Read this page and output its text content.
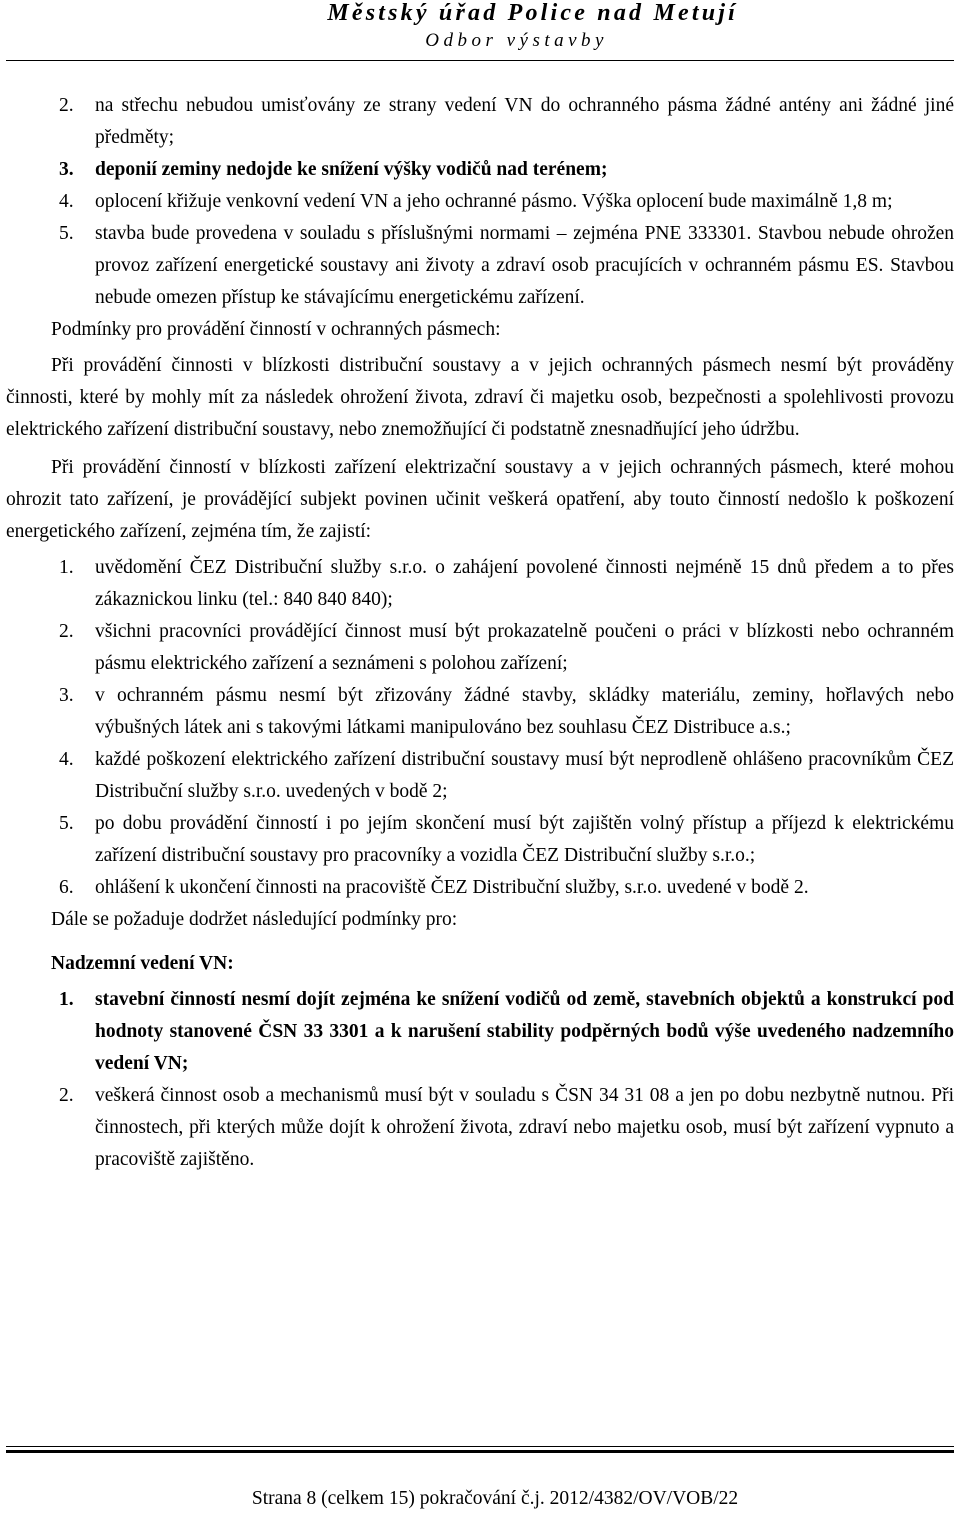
Městský úřad Police nad Metují
Odbor výstavby
2.	na střechu nebudou umisťovány ze strany vedení VN do ochranného pásma žádné antény ani žádné jiné předměty;
3.	deponií zeminy nedojde ke snížení výšky vodičů nad terénem;
4.	oplocení křižuje venkovní vedení VN a jeho ochranné pásmo. Výška oplocení bude maximálně 1,8 m;
5.	stavba bude provedena v souladu s příslušnými normami – zejména PNE 333301. Stavbou nebude ohrožen provoz zařízení energetické soustavy ani životy a zdraví osob pracujících v ochranném pásmu ES. Stavbou nebude omezen přístup ke stávajícímu energetickému zařízení.

Podmínky pro provádění činností v ochranných pásmech:

Při provádění činnosti v blízkosti distribuční soustavy a v jejich ochranných pásmech nesmí být prováděny činnosti, které by mohly mít za následek ohrožení života, zdraví či majetku osob, bezpečnosti a spolehlivosti provozu elektrického zařízení distribuční soustavy, nebo znemožňující či podstatně znesnadňující jeho údržbu.

Při provádění činností v blízkosti zařízení elektrizační soustavy a v jejich ochranných pásmech, které mohou ohrozit tato zařízení, je provádějící subjekt povinen učinit veškerá opatření, aby touto činností nedošlo k poškození energetického zařízení, zejména tím, že zajistí:

1.	uvědomění ČEZ Distribuční služby s.r.o. o zahájení povolené činnosti nejméně 15 dnů předem a to přes zákaznickou linku (tel.: 840 840 840);
2.	všichni pracovníci provádějící činnost musí být prokazatelně poučeni o práci v blízkosti nebo ochranném pásmu elektrického zařízení a seznámeni s polohou zařízení;
3.	v ochranném pásmu nesmí být zřizovány žádné stavby, skládky materiálu, zeminy, hořlavých nebo výbušných látek ani s takovými látkami manipulováno bez souhlasu ČEZ Distribuce a.s.;
4.	každé poškození elektrického zařízení distribuční soustavy musí být neprodleně ohlášeno pracovníkům ČEZ Distribuční služby s.r.o. uvedených v bodě 2;
5.	po dobu provádění činností i po jejím skončení musí být zajištěn volný přístup a příjezd k elektrickému zařízení distribuční soustavy pro pracovníky a vozidla ČEZ Distribuční služby s.r.o.;
6.	ohlášení k ukončení činnosti na pracoviště ČEZ Distribuční služby, s.r.o. uvedené v bodě 2.

Dále se požaduje dodržet následující podmínky pro:

Nadzemní vedení VN:

1.	stavební činností nesmí dojít zejména ke snížení vodičů od země, stavebních objektů a konstrukcí pod hodnoty stanovené ČSN 33 3301 a k narušení stability podpěrných bodů výše uvedeného nadzemního vedení VN;
2.	veškerá činnost osob a mechanismů musí být v souladu s ČSN 34 31 08 a jen po dobu nezbytně nutnou. Při činnostech, při kterých může dojít k ohrožení života, zdraví nebo majetku osob, musí být zařízení vypnuto a pracoviště zajištěno.
Strana 8 (celkem 15) pokračování č.j. 2012/4382/OV/VOB/22
